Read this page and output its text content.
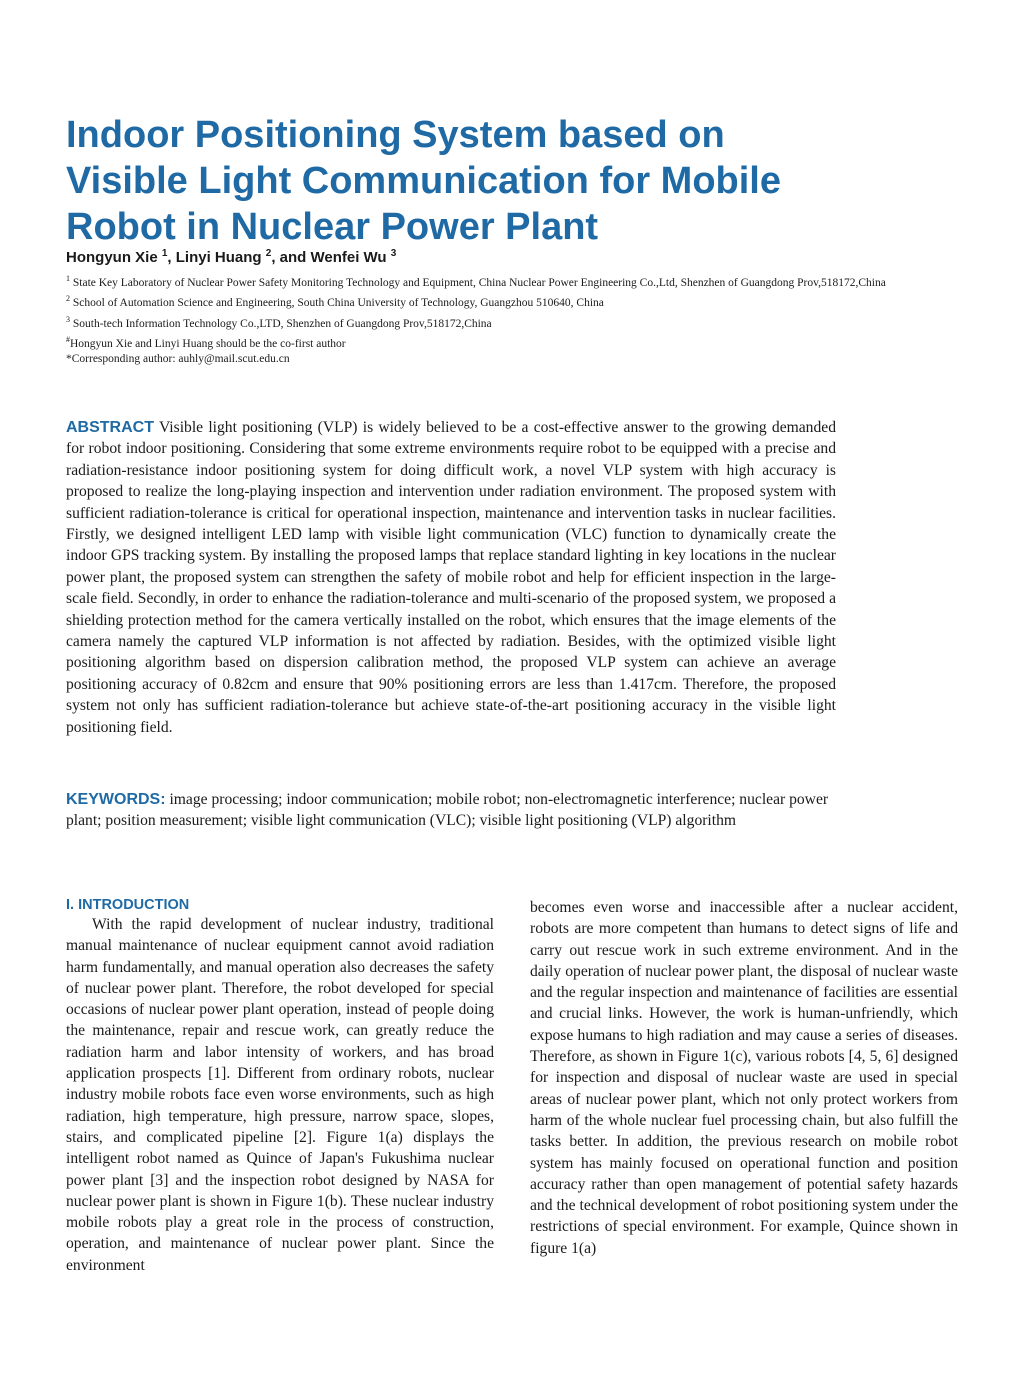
Indoor Positioning System based on
Visible Light Communication for Mobile
Robot in Nuclear Power Plant
Hongyun Xie $^1$, Linyi Huang $^2$, and Wenfei Wu $^3$

$^1$ State Key Laboratory of Nuclear Power Safety Monitoring Technology and Equipment, China Nuclear Power Engineering Co.,Ltd, Shenzhen of Guangdong Prov,518172,China

$^2$ School of Automation Science and Engineering, South China University of Technology, Guangzhou 510640, China

$^3$ South-tech Information Technology Co.,LTD, Shenzhen of Guangdong Prov,518172,China

#Hongyun Xie and Linyi Huang should be the co-first author

*Corresponding author: auhly@mail.scut.edu.cn

ABSTRACT Visible light positioning (VLP) is widely believed to be a cost-effective answer to the growing demanded for robot indoor positioning. Considering that some extreme environments require robot to be equipped with a precise and radiation-resistance indoor positioning system for doing difficult work, a novel VLP system with high accuracy is proposed to realize the long-playing inspection and intervention under radiation environment. The proposed system with sufficient radiation-tolerance is critical for operational inspection, maintenance and intervention tasks in nuclear facilities. Firstly, we designed intelligent LED lamp with visible light communication (VLC) function to dynamically create the indoor GPS tracking system. By installing the proposed lamps that replace standard lighting in key locations in the nuclear power plant, the proposed system can strengthen the safety of mobile robot and help for efficient inspection in the large-scale field. Secondly, in order to enhance the radiation-tolerance and multi-scenario of the proposed system, we proposed a shielding protection method for the camera vertically installed on the robot, which ensures that the image elements of the camera namely the captured VLP information is not affected by radiation. Besides, with the optimized visible light positioning algorithm based on dispersion calibration method, the proposed VLP system can achieve an average positioning accuracy of 0.82cm and ensure that 90% positioning errors are less than 1.417cm. Therefore, the proposed system not only has sufficient radiation-tolerance but achieve state-of-the-art positioning accuracy in the visible light positioning field.

KEYWORDS: image processing; indoor communication; mobile robot; non-electromagnetic interference; nuclear power plant; position measurement; visible light communication (VLC); visible light positioning (VLP) algorithm

I. INTRODUCTION

With the rapid development of nuclear industry, traditional manual maintenance of nuclear equipment cannot avoid radiation harm fundamentally, and manual operation also decreases the safety of nuclear power plant. Therefore, the robot developed for special occasions of nuclear power plant operation, instead of people doing the maintenance, repair and rescue work, can greatly reduce the radiation harm and labor intensity of workers, and has broad application prospects [1]. Different from ordinary robots, nuclear industry mobile robots face even worse environments, such as high radiation, high temperature, high pressure, narrow space, slopes, stairs, and complicated pipeline [2]. Figure 1(a) displays the intelligent robot named as Quince of Japan's Fukushima nuclear power plant [3] and the inspection robot designed by NASA for nuclear power plant is shown in Figure 1(b). These nuclear industry mobile robots play a great role in the process of construction, operation, and maintenance of nuclear power plant. Since the environment

becomes even worse and inaccessible after a nuclear accident, robots are more competent than humans to detect signs of life and carry out rescue work in such extreme environment. And in the daily operation of nuclear power plant, the disposal of nuclear waste and the regular inspection and maintenance of facilities are essential and crucial links. However, the work is human-unfriendly, which expose humans to high radiation and may cause a series of diseases. Therefore, as shown in Figure 1(c), various robots [4, 5, 6] designed for inspection and disposal of nuclear waste are used in special areas of nuclear power plant, which not only protect workers from harm of the whole nuclear fuel processing chain, but also fulfill the tasks better. In addition, the previous research on mobile robot system has mainly focused on operational function and position accuracy rather than open management of potential safety hazards and the technical development of robot positioning system under the restrictions of special environment. For example, Quince shown in figure 1(a)
